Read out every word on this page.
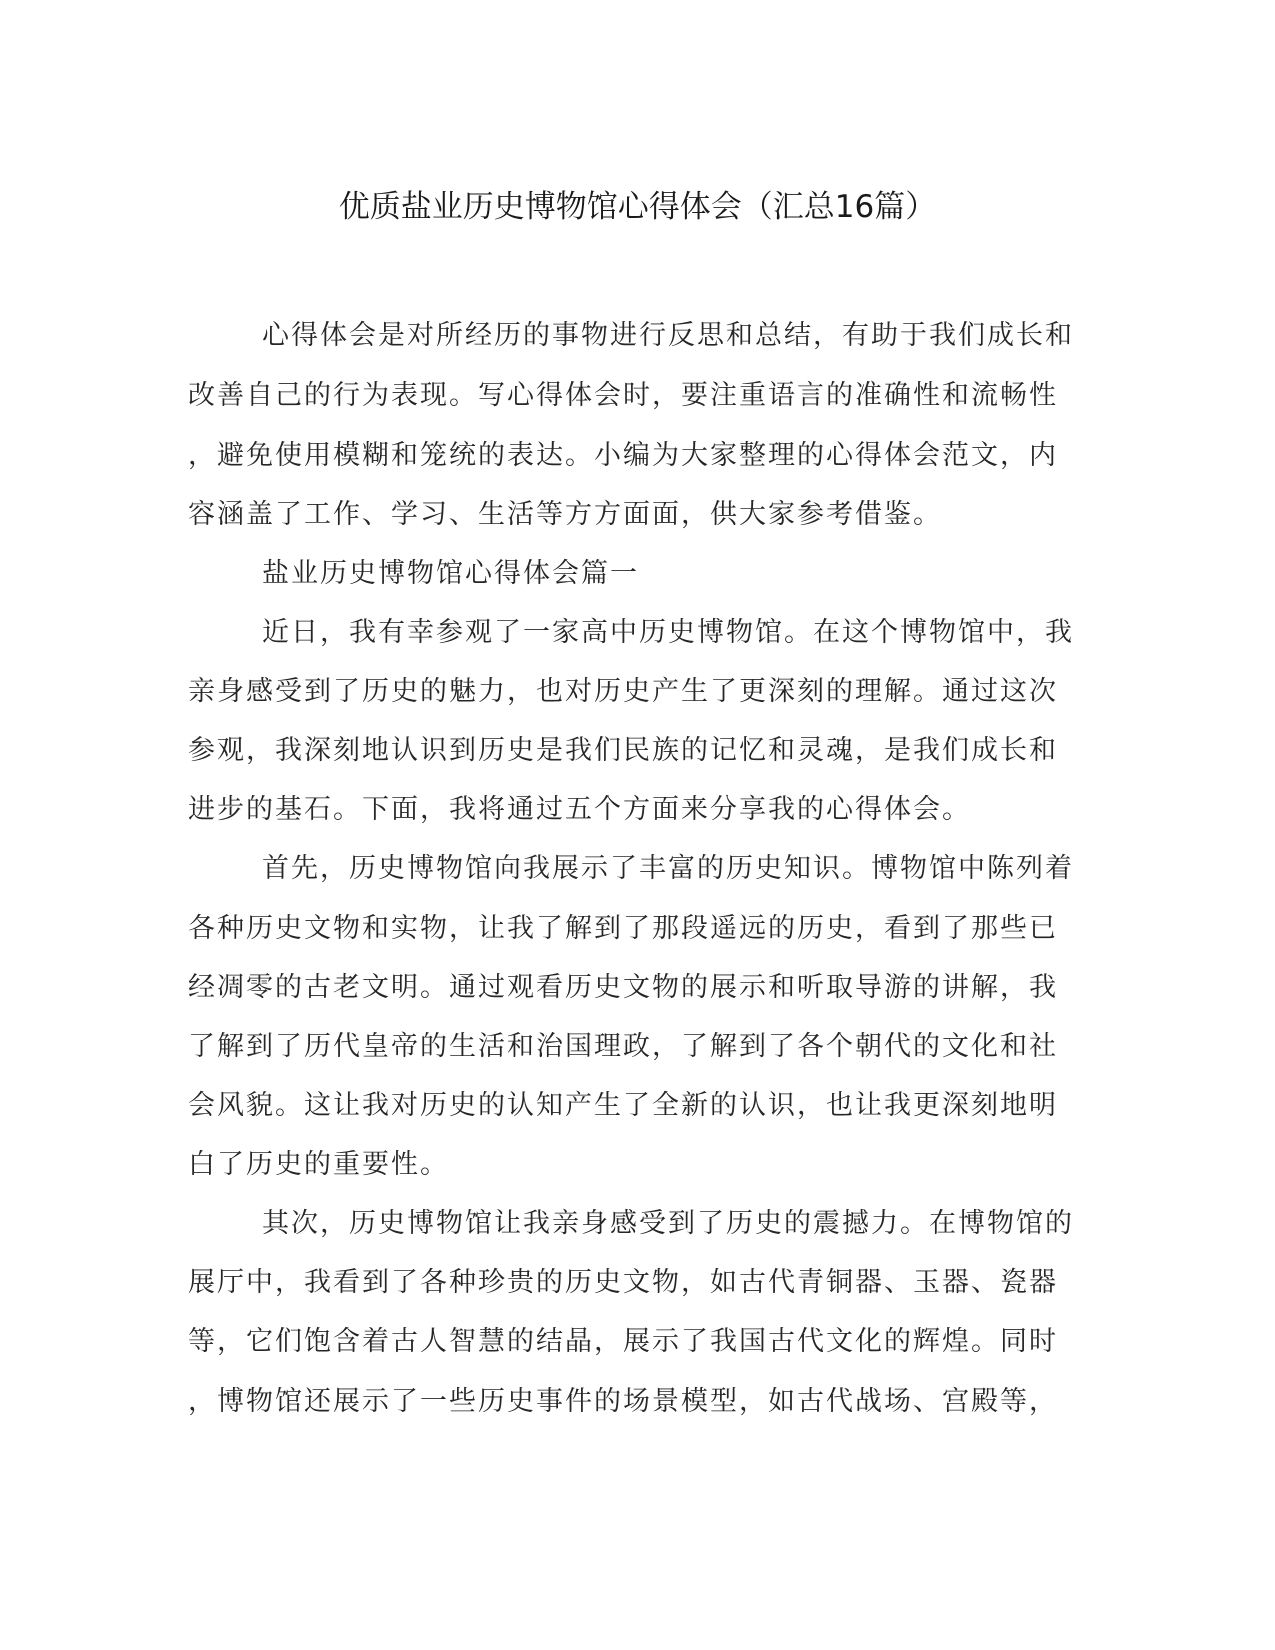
优质盐业历史博物馆心得体会（汇总16篇）
心得体会是对所经历的事物进行反思和总结，有助于我们成长和
改善自己的行为表现。写心得体会时，要注重语言的准确性和流畅性
，避免使用模糊和笼统的表达。小编为大家整理的心得体会范文，内
容涵盖了工作、学习、生活等方方面面，供大家参考借鉴。
盐业历史博物馆心得体会篇一
近日，我有幸参观了一家高中历史博物馆。在这个博物馆中，我
亲身感受到了历史的魅力，也对历史产生了更深刻的理解。通过这次
参观，我深刻地认识到历史是我们民族的记忆和灵魂，是我们成长和
进步的基石。下面，我将通过五个方面来分享我的心得体会。
首先，历史博物馆向我展示了丰富的历史知识。博物馆中陈列着
各种历史文物和实物，让我了解到了那段遥远的历史，看到了那些已
经凋零的古老文明。通过观看历史文物的展示和听取导游的讲解，我
了解到了历代皇帝的生活和治国理政，了解到了各个朝代的文化和社
会风貌。这让我对历史的认知产生了全新的认识，也让我更深刻地明
白了历史的重要性。
其次，历史博物馆让我亲身感受到了历史的震撼力。在博物馆的
展厅中，我看到了各种珍贵的历史文物，如古代青铜器、玉器、瓷器
等，它们饱含着古人智慧的结晶，展示了我国古代文化的辉煌。同时
，博物馆还展示了一些历史事件的场景模型，如古代战场、宫殿等，
